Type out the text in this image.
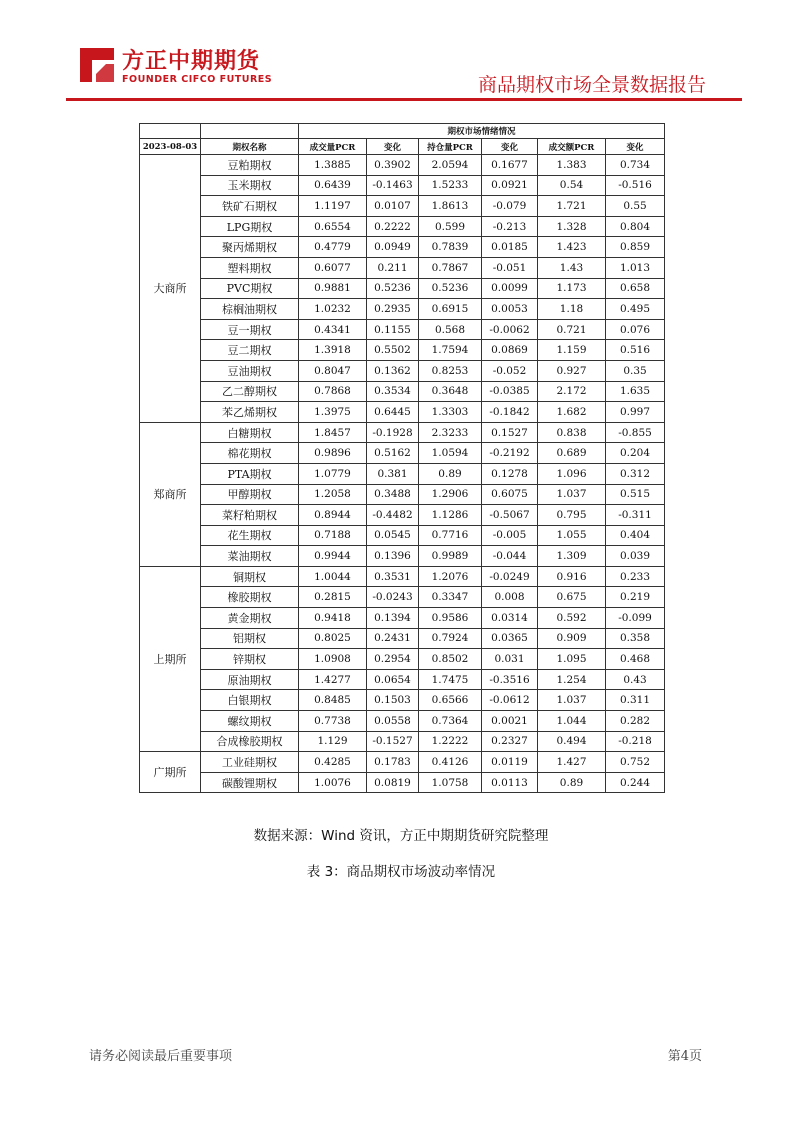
方正中期期货
FOUNDER CIFCO FUTURES	商品期权市场全景数据报告
		期权市场情绪情况					
2023-08-03	期权名称	成交量PCR	变化	持仓量PCR	变化	成交额PCR	变化
大商所	豆粕期权	1.3885	0.3902	2.0594	0.1677	1.383	0.734
	玉米期权	0.6439	-0.1463	1.5233	0.0921	0.54	-0.516
	铁矿石期权	1.1197	0.0107	1.8613	-0.079	1.721	0.55
	LPG期权	0.6554	0.2222	0.599	-0.213	1.328	0.804
	聚丙烯期权	0.4779	0.0949	0.7839	0.0185	1.423	0.859
	塑料期权	0.6077	0.211	0.7867	-0.051	1.43	1.013
	PVC期权	0.9881	0.5236	0.5236	0.0099	1.173	0.658
	棕榈油期权	1.0232	0.2935	0.6915	0.0053	1.18	0.495
	豆一期权	0.4341	0.1155	0.568	-0.0062	0.721	0.076
	豆二期权	1.3918	0.5502	1.7594	0.0869	1.159	0.516
	豆油期权	0.8047	0.1362	0.8253	-0.052	0.927	0.35
	乙二醇期权	0.7868	0.3534	0.3648	-0.0385	2.172	1.635
	苯乙烯期权	1.3975	0.6445	1.3303	-0.1842	1.682	0.997
郑商所	白糖期权	1.8457	-0.1928	2.3233	0.1527	0.838	-0.855
	棉花期权	0.9896	0.5162	1.0594	-0.2192	0.689	0.204
	PTA期权	1.0779	0.381	0.89	0.1278	1.096	0.312
	甲醇期权	1.2058	0.3488	1.2906	0.6075	1.037	0.515
	菜籽粕期权	0.8944	-0.4482	1.1286	-0.5067	0.795	-0.311
	花生期权	0.7188	0.0545	0.7716	-0.005	1.055	0.404
	菜油期权	0.9944	0.1396	0.9989	-0.044	1.309	0.039
上期所	铜期权	1.0044	0.3531	1.2076	-0.0249	0.916	0.233
	橡胶期权	0.2815	-0.0243	0.3347	0.008	0.675	0.219
	黄金期权	0.9418	0.1394	0.9586	0.0314	0.592	-0.099
	铝期权	0.8025	0.2431	0.7924	0.0365	0.909	0.358
	锌期权	1.0908	0.2954	0.8502	0.031	1.095	0.468
	原油期权	1.4277	0.0654	1.7475	-0.3516	1.254	0.43
	白银期权	0.8485	0.1503	0.6566	-0.0612	1.037	0.311
	螺纹期权	0.7738	0.0558	0.7364	0.0021	1.044	0.282
	合成橡胶期权	1.129	-0.1527	1.2222	0.2327	0.494	-0.218
广期所	工业硅期权	0.4285	0.1783	0.4126	0.0119	1.427	0.752
	碳酸锂期权	1.0076	0.0819	1.0758	0.0113	0.89	0.244
数据来源：Wind 资讯，方正中期期货研究院整理
表 3：商品期权市场波动率情况
请务必阅读最后重要事项	第4页
